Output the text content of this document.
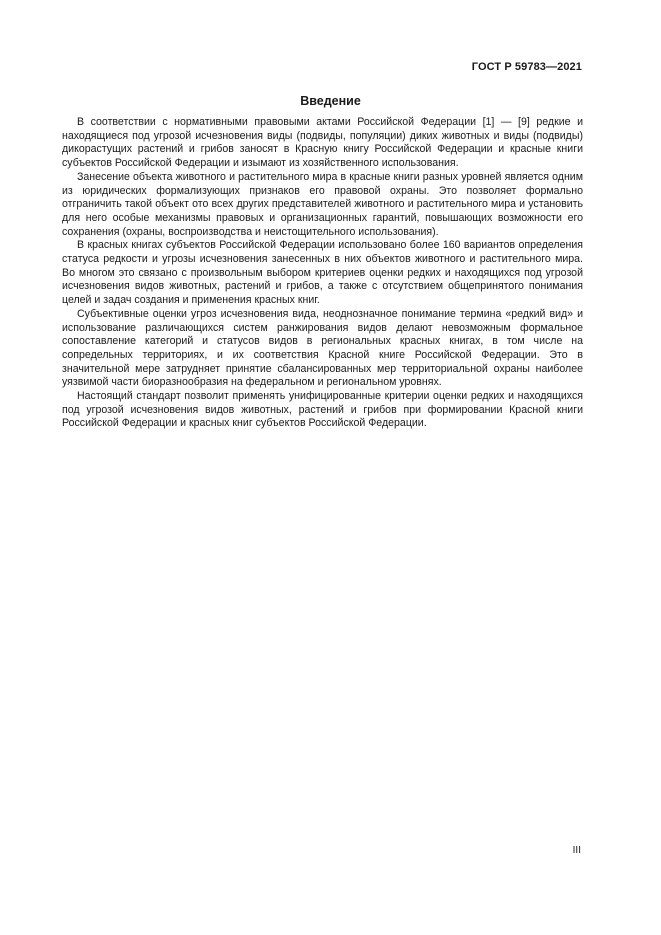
ГОСТ Р 59783—2021
Введение

В соответствии с нормативными правовыми актами Российской Федерации [1] — [9] редкие и находящиеся под угрозой исчезновения виды (подвиды, популяции) диких животных и виды (подвиды) дикорастущих растений и грибов заносят в Красную книгу Российской Федерации и красные книги субъектов Российской Федерации и изымают из хозяйственного использования.

Занесение объекта животного и растительного мира в красные книги разных уровней является одним из юридических формализующих признаков его правовой охраны. Это позволяет формально отграничить такой объект ото всех других представителей животного и растительного мира и установить для него особые механизмы правовых и организационных гарантий, повышающих возможности его сохранения (охраны, воспроизводства и неистощительного использования).

В красных книгах субъектов Российской Федерации использовано более 160 вариантов определения статуса редкости и угрозы исчезновения занесенных в них объектов животного и растительного мира. Во многом это связано с произвольным выбором критериев оценки редких и находящихся под угрозой исчезновения видов животных, растений и грибов, а также с отсутствием общепринятого понимания целей и задач создания и применения красных книг.

Субъективные оценки угроз исчезновения вида, неоднозначное понимание термина «редкий вид» и использование различающихся систем ранжирования видов делают невозможным формальное сопоставление категорий и статусов видов в региональных красных книгах, в том числе на сопредельных территориях, и их соответствия Красной книге Российской Федерации. Это в значительной мере затрудняет принятие сбалансированных мер территориальной охраны наиболее уязвимой части биоразнообразия на федеральном и региональном уровнях.

Настоящий стандарт позволит применять унифицированные критерии оценки редких и находящихся под угрозой исчезновения видов животных, растений и грибов при формировании Красной книги Российской Федерации и красных книг субъектов Российской Федерации.

III
